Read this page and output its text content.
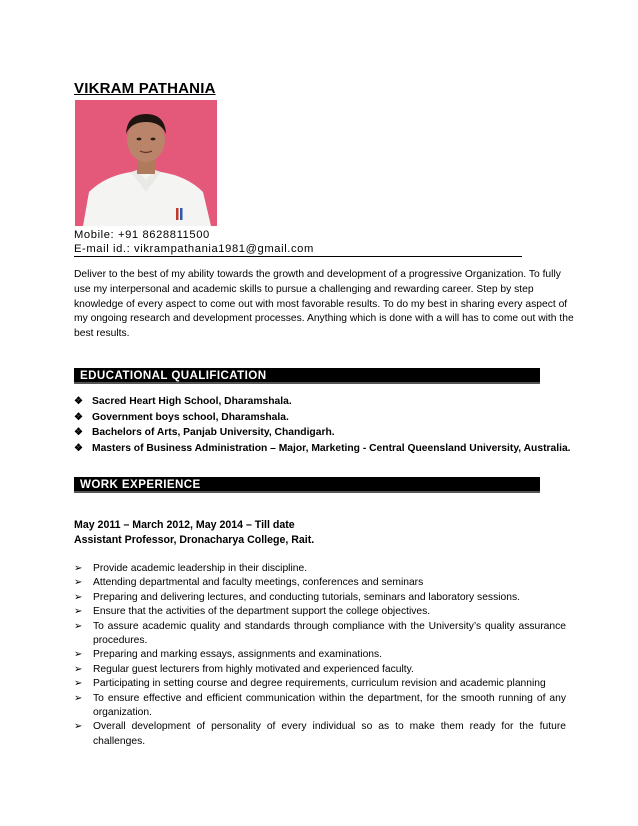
VIKRAM PATHANIA
Mobile: +91 8628811500
E-mail id.: vikrampathania1981@gmail.com
Deliver to the best of my ability towards the growth and development of a progressive Organization. To fully use my interpersonal and academic skills to pursue a challenging and rewarding career. Step by step knowledge of every aspect to come out with most favorable results. To do my best in sharing every aspect of my ongoing research and development processes. Anything which is done with a will has to come out with the best results.
EDUCATIONAL QUALIFICATION
❖ Sacred Heart High School, Dharamshala.
❖ Government boys school, Dharamshala.
❖ Bachelors of Arts, Panjab University, Chandigarh.
❖ Masters of Business Administration – Major, Marketing - Central Queensland University, Australia.
WORK EXPERIENCE
May 2011 – March 2012, May 2014 – Till date
Assistant Professor, Dronacharya College, Rait.
➢	Provide academic leadership in their discipline.
➢	Attending departmental and faculty meetings, conferences and seminars
➢	Preparing and delivering lectures, and conducting tutorials, seminars and laboratory sessions.
➢	Ensure that the activities of the department support the college objectives.
➢	To assure academic quality and standards through compliance with the University’s quality assurance procedures.
➢	Preparing and marking essays, assignments and examinations.
➢	Regular guest lecturers from highly motivated and experienced faculty.
➢	Participating in setting course and degree requirements, curriculum revision and academic planning
➢	To ensure effective and efficient communication within the department, for the smooth running of any organization.
➢	Overall development of personality of every individual so as to make them ready for the future challenges.
